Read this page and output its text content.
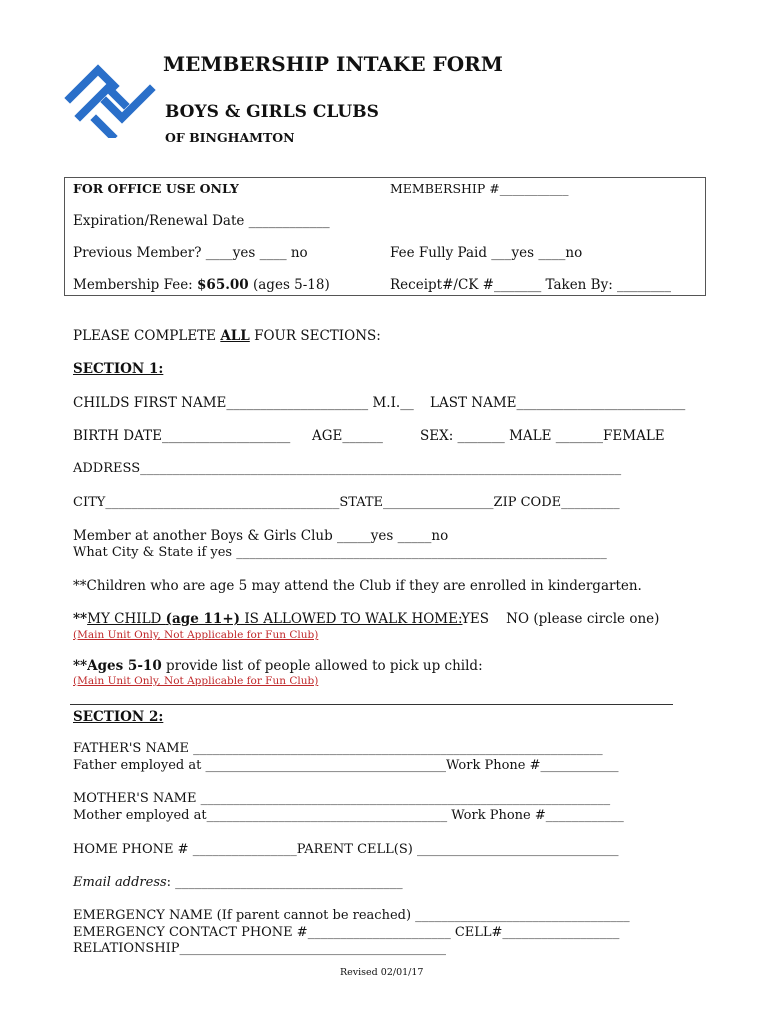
MEMBERSHIP INTAKE FORM
BOYS & GIRLS CLUBS
OF BINGHAMTON
FOR OFFICE USE ONLY	MEMBERSHIP #___________
Expiration/Renewal Date ____________
Previous Member? ____yes ____ no	Fee Fully Paid ___yes ____no
Membership Fee: $65.00 (ages 5-18)	Receipt#/CK #_______ Taken By: ________
PLEASE COMPLETE ALL FOUR SECTIONS:
SECTION 1:
CHILDS FIRST NAME_____________________ M.I.__ LAST NAME_________________________
BIRTH DATE___________________ AGE______	SEX: _______ MALE _______FEMALE
ADDRESS__________________________________________________________________________
CITY____________________________________STATE_________________ZIP CODE_________
Member at another Boys & Girls Club _____yes _____no
What City & State if yes _________________________________________________________
**Children who are age 5 may attend the Club if they are enrolled in kindergarten.
**MY CHILD (age 11+) IS ALLOWED TO WALK HOME:
YES    NO (please circle one)
(Main Unit Only, Not Applicable for Fun Club)
**Ages 5-10 provide list of people allowed to pick up child:
(Main Unit Only, Not Applicable for Fun Club)
SECTION 2:
FATHER'S NAME _______________________________________________________________
Father employed at _____________________________________Work Phone #____________
MOTHER'S NAME _______________________________________________________________
Mother employed at_____________________________________ Work Phone #____________
HOME PHONE # ________________PARENT CELL(S) _______________________________
Email address: ___________________________________
EMERGENCY NAME (If parent cannot be reached) _________________________________
EMERGENCY CONTACT PHONE #______________________ CELL#__________________
RELATIONSHIP_________________________________________
Revised 02/01/17
